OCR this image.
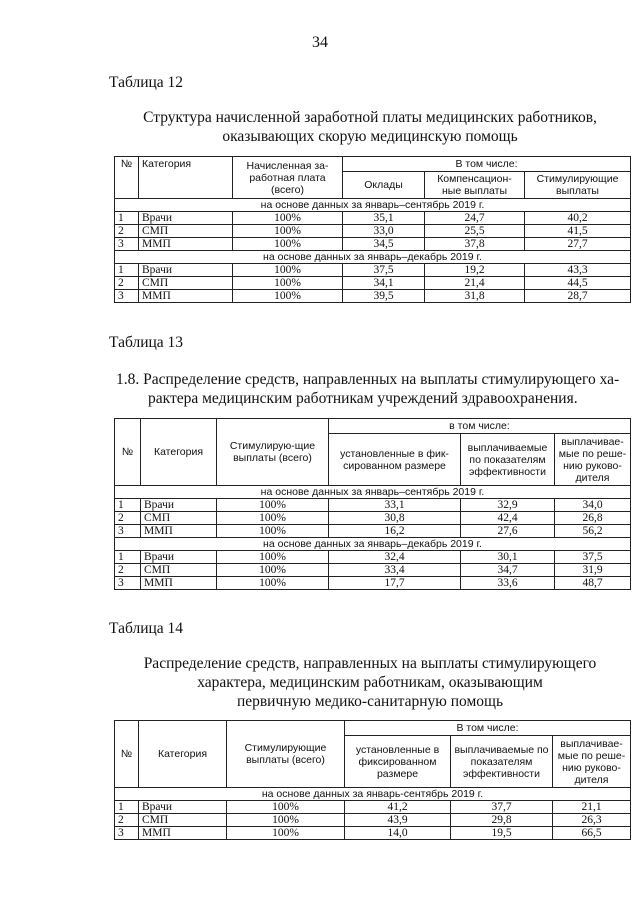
34
Таблица 12
Структура начисленной заработной платы медицинских работников,
оказывающих скорую медицинскую помощь
№	Категория	Начисленная за-работная плата (всего)	В том числе:		
			Оклады	Компенсацион-ные выплаты	Стимулирующие выплаты
на основе данных за январь–сентябрь 2019 г.					
1	Врачи	100%	35,1	24,7	40,2
2	СМП	100%	33,0	25,5	41,5
3	ММП	100%	34,5	37,8	27,7
на основе данных за январь–декабрь 2019 г.					
1	Врачи	100%	37,5	19,2	43,3
2	СМП	100%	34,1	21,4	44,5
3	ММП	100%	39,5	31,8	28,7
Таблица 13
1.8. Распределение средств, направленных на выплаты стимулирующего ха-
рактера медицинским работникам учреждений здравоохранения.
№	Категория	Стимулирую-щие выплаты (всего)	в том числе:		
			установленные в фик-сированном размере	выплачиваемые по показателям эффективности	выплачивае-мые по реше-нию руково-дителя
на основе данных за январь–сентябрь 2019 г.					
1	Врачи	100%	33,1	32,9	34,0
2	СМП	100%	30,8	42,4	26,8
3	ММП	100%	16,2	27,6	56,2
на основе данных за январь–декабрь 2019 г.					
1	Врачи	100%	32,4	30,1	37,5
2	СМП	100%	33,4	34,7	31,9
3	ММП	100%	17,7	33,6	48,7
Таблица 14
Распределение средств, направленных на выплаты стимулирующего
характера, медицинским работникам, оказывающим
первичную медико-санитарную помощь
№	Категория	Стимулирующие выплаты (всего)	В том числе:		
			установленные в фиксированном размере	выплачиваемые по показателям эффективности	выплачивае-мые по реше-нию руково-дителя
на основе данных за январь-сентябрь 2019 г.					
1	Врачи	100%	41,2	37,7	21,1
2	СМП	100%	43,9	29,8	26,3
3	ММП	100%	14,0	19,5	66,5
